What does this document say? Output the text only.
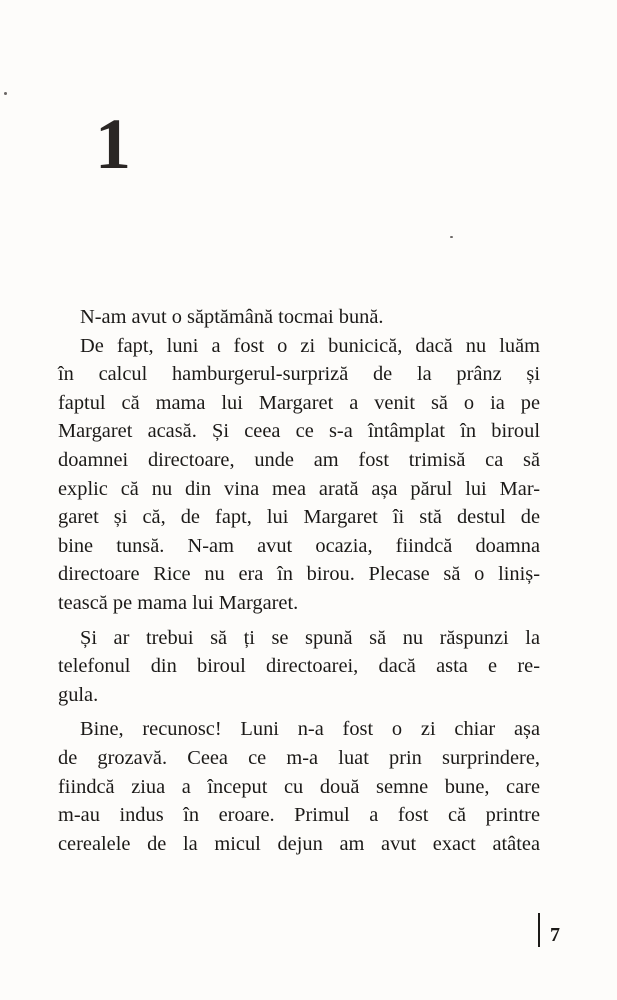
1
N-am avut o săptămână tocmai bună.
De fapt, luni a fost o zi bunicică, dacă nu luăm
în calcul hamburgerul-surpriză de la prânz și
faptul că mama lui Margaret a venit să o ia pe
Margaret acasă. Și ceea ce s-a întâmplat în biroul
doamnei directoare, unde am fost trimisă ca să
explic că nu din vina mea arată așa părul lui Mar-
garet și că, de fapt, lui Margaret îi stă destul de
bine tunsă. N-am avut ocazia, fiindcă doamna
directoare Rice nu era în birou. Plecase să o liniș-
tească pe mama lui Margaret.
Și ar trebui să ți se spună să nu răspunzi la
telefonul din biroul directoarei, dacă asta e re-
gula.
Bine, recunosc! Luni n-a fost o zi chiar așa
de grozavă. Ceea ce m-a luat prin surprindere,
fiindcă ziua a început cu două semne bune, care
m-au indus în eroare. Primul a fost că printre
cerealele de la micul dejun am avut exact atâtea
7
